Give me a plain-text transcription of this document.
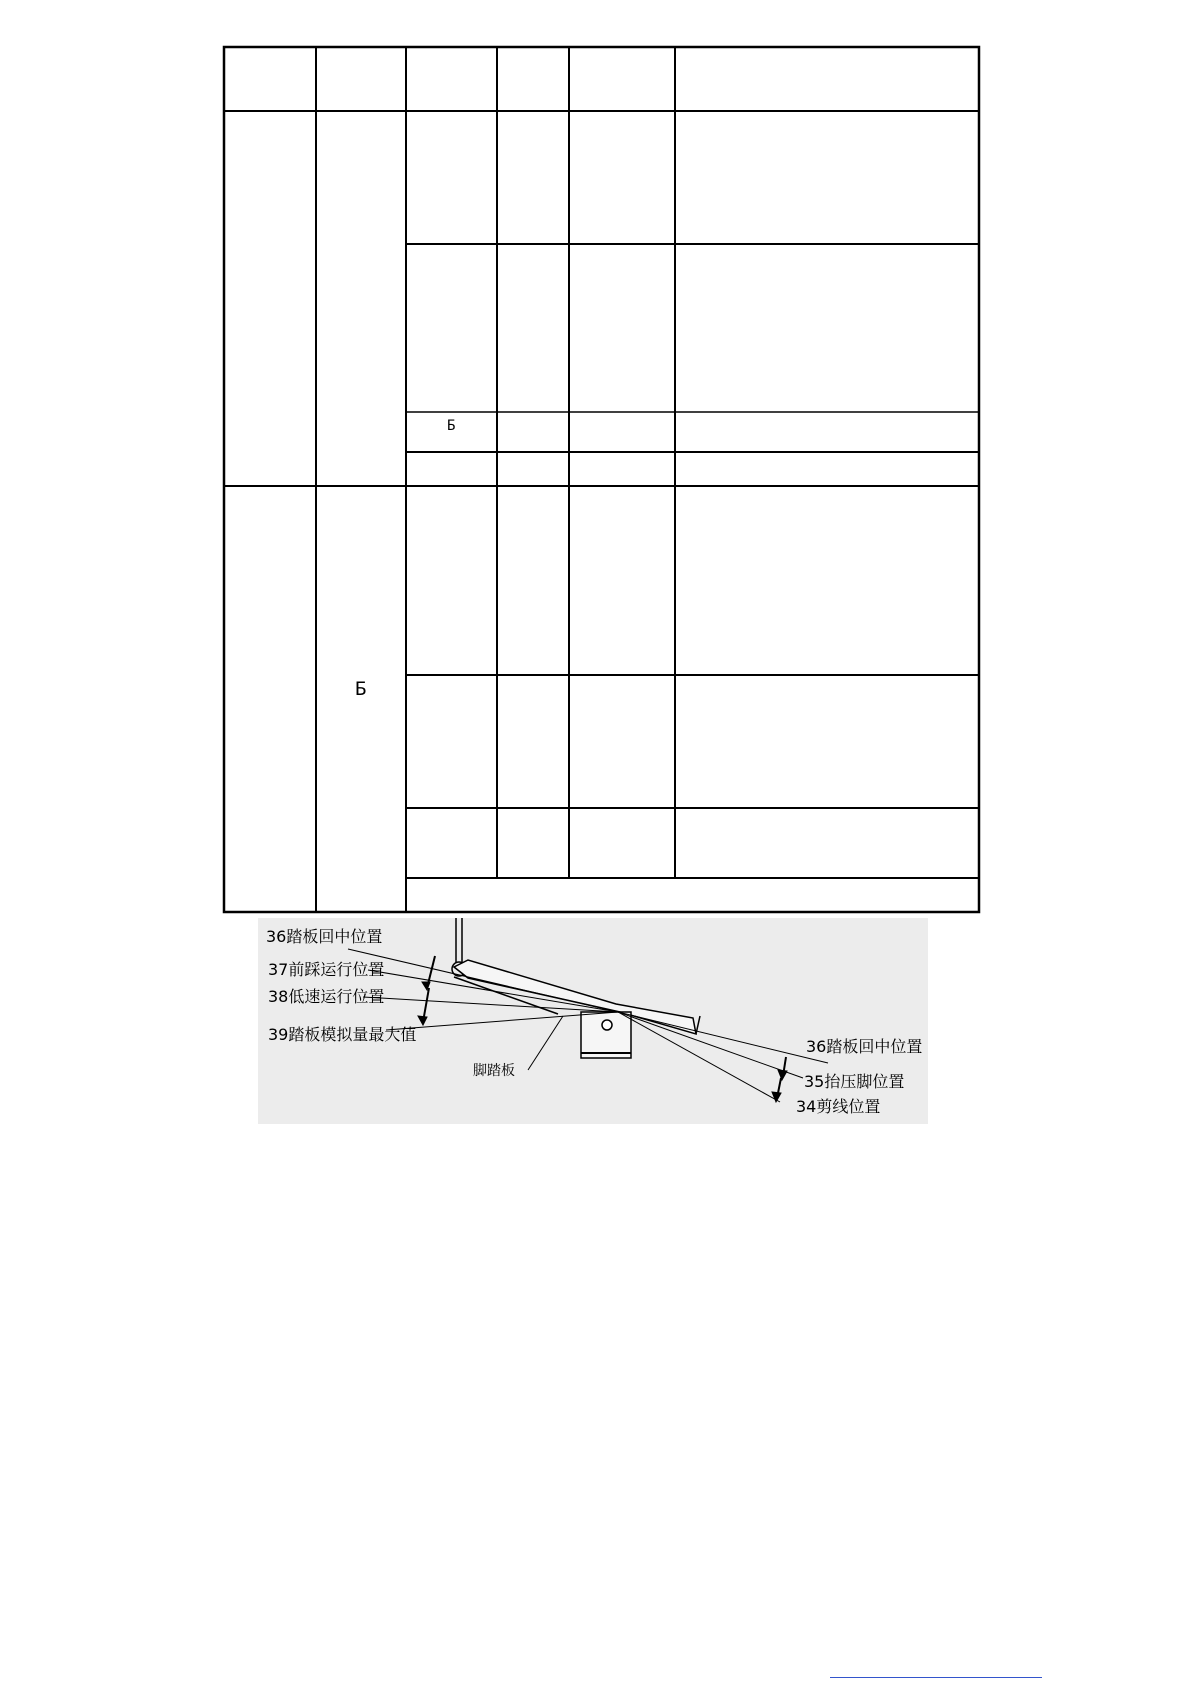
Б
Б
36踏板回中位置
37前踩运行位置
38低速运行位置
39踏板模拟量最大值
脚踏板
36踏板回中位置
35抬压脚位置
34剪线位置
